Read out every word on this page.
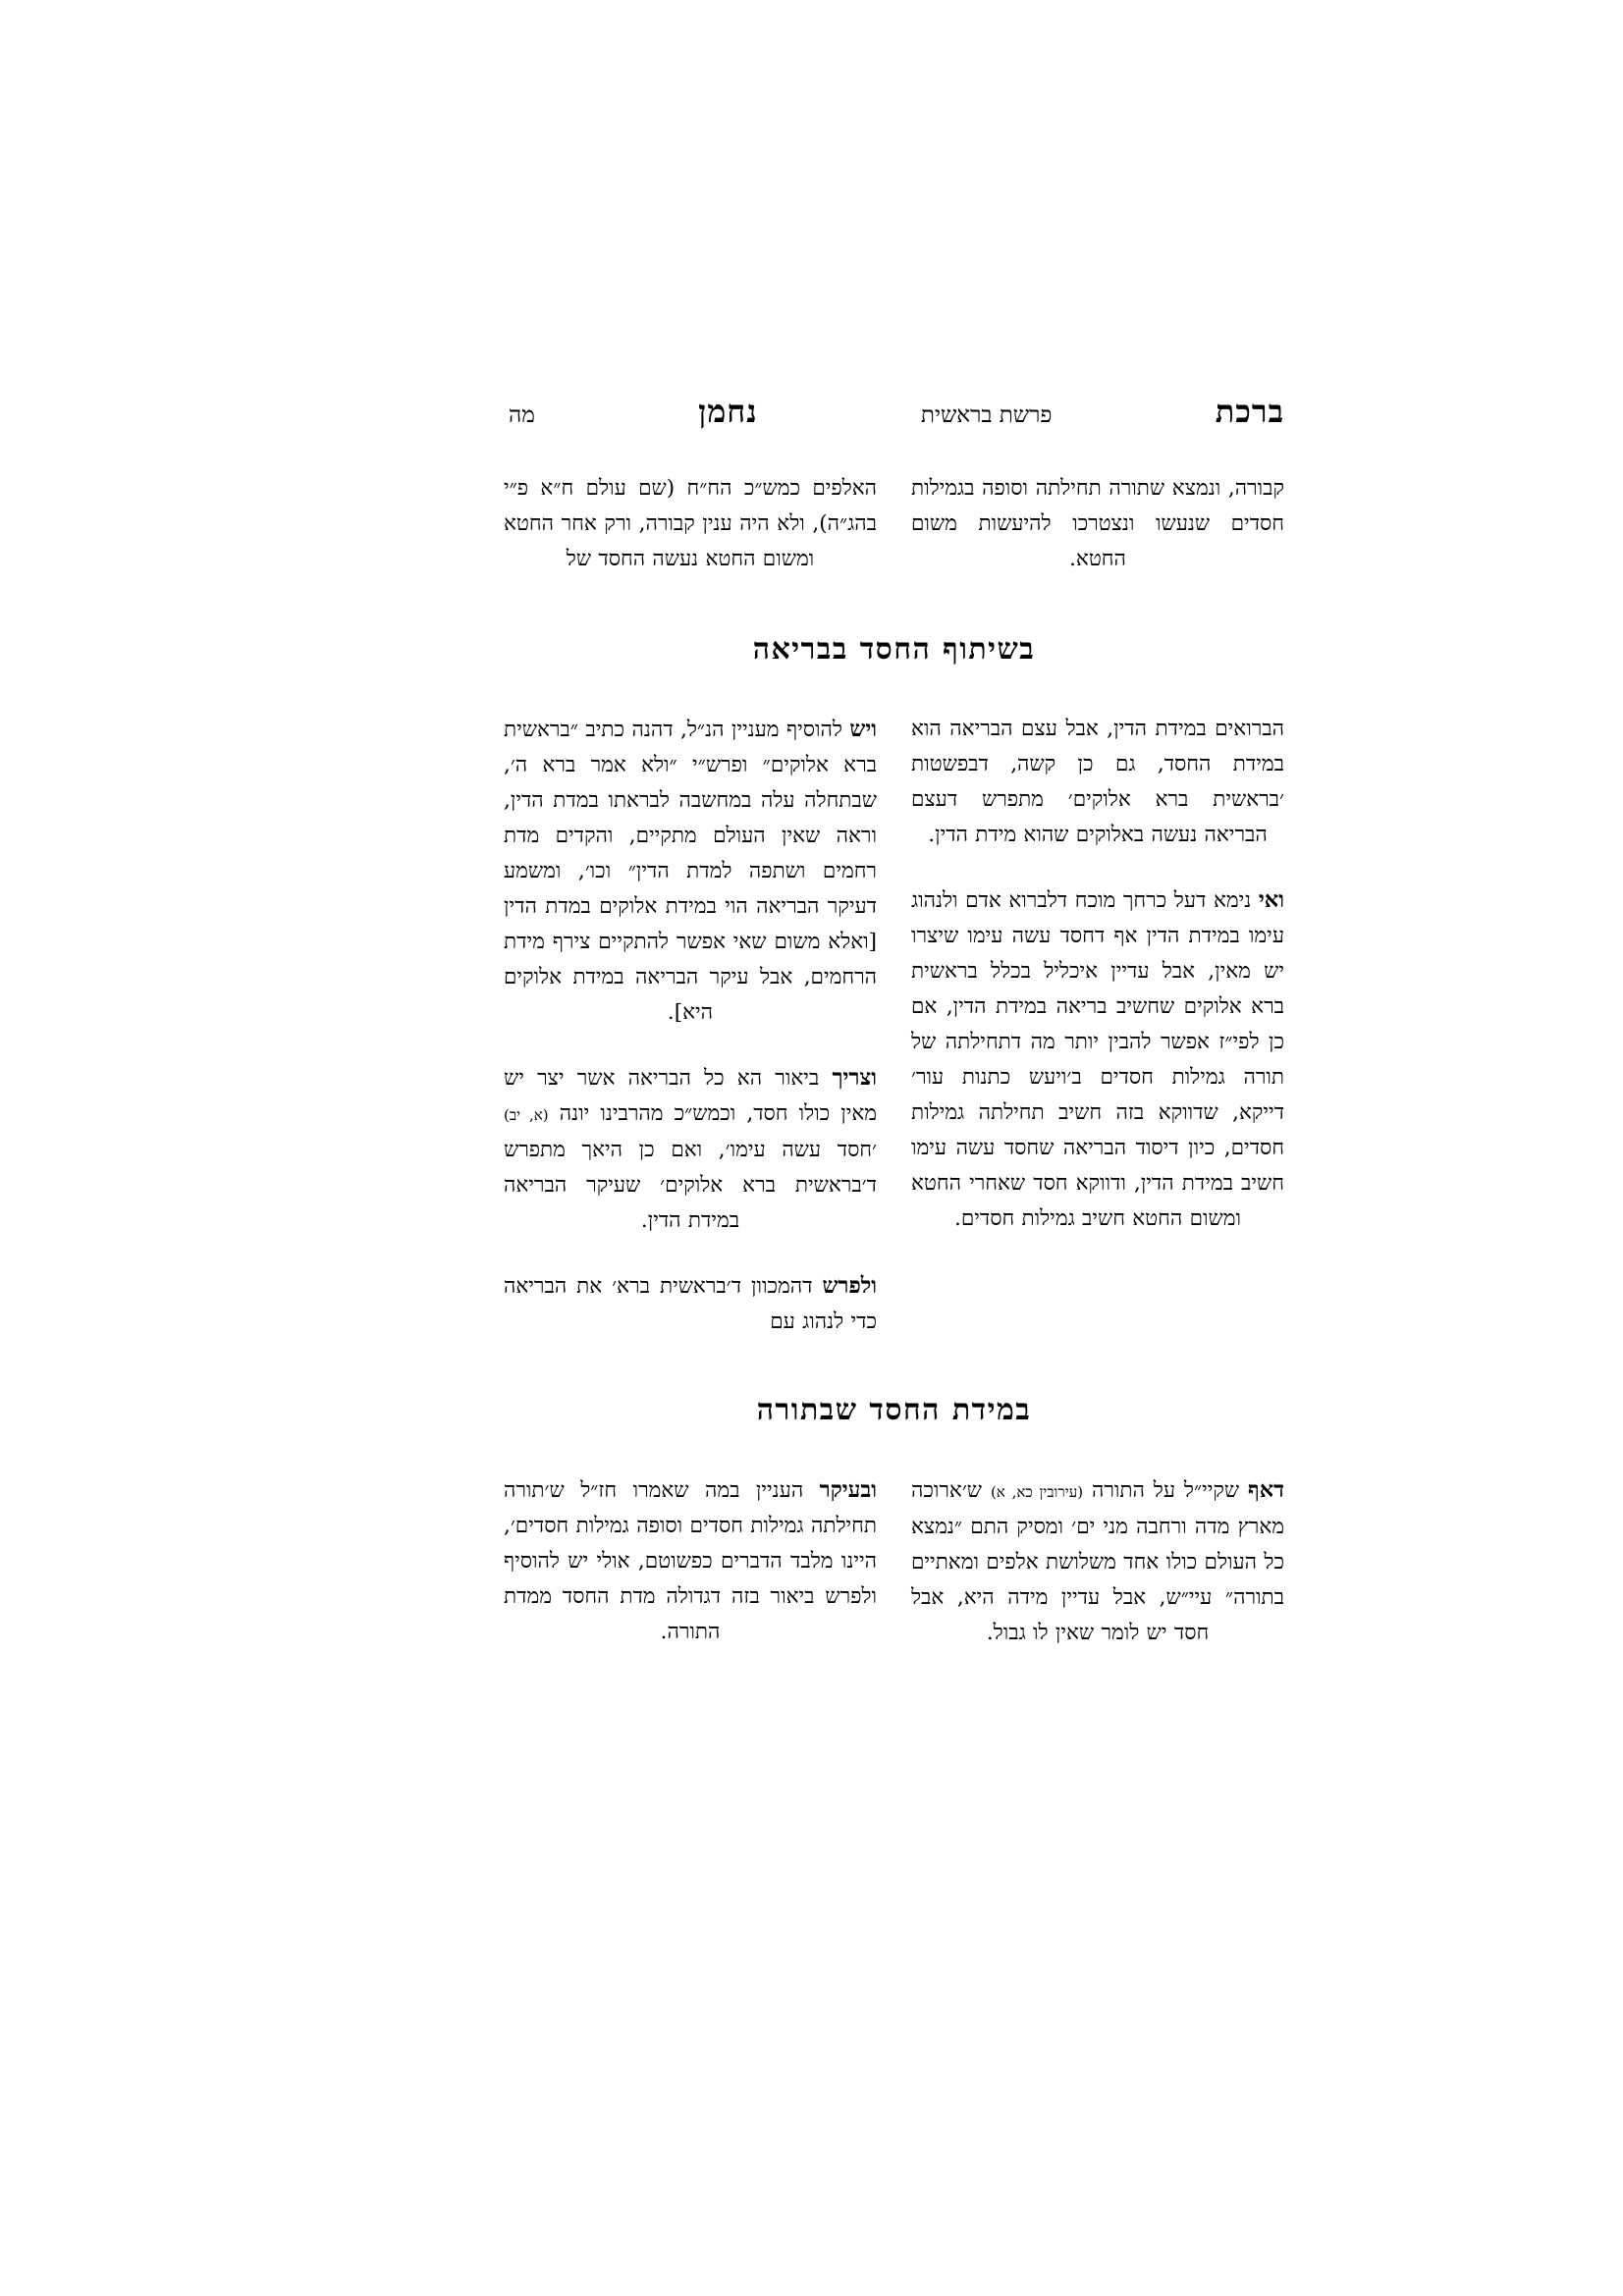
ברכת
פרשת בראשית
נחמן
מה

האלפים כמש״כ הח״ח (שם עולם ח״א פ״י בהג״ה), ולא היה ענין קבורה, ורק אחר החטא ומשום החטא נעשה החסד של

קבורה, ונמצא שתורה תחילתה וסופה בגמילות חסדים שנעשו ונצטרכו להיעשות משום החטא.

בשיתוף החסד בבריאה

ויש להוסיף מעניין הנ״ל, דהנה כתיב ״בראשית ברא אלוקים״ ופרש״י ״ולא אמר ברא ה׳, שבתחלה עלה במחשבה לבראתו במדת הדין, וראה שאין העולם מתקיים, והקדים מדת רחמים ושתפה למדת הדין״ וכו׳, ומשמע דעיקר הבריאה הוי במידת אלוקים במדת הדין [ואלא משום שאי אפשר להתקיים צירף מידת הרחמים, אבל עיקר הבריאה במידת אלוקים היא].

וצריך ביאור הא כל הבריאה אשר יצר יש מאין כולו חסד, וכמש״כ מהרבינו יונה (א, יב) ׳חסד עשה עימו׳, ואם כן היאך מתפרש ד׳בראשית ברא אלוקים׳ שעיקר הבריאה במידת הדין.

ולפרש דהמכוון ד׳בראשית ברא׳ את הבריאה כדי לנהוג עם

הברואים במידת הדין, אבל עצם הבריאה הוא במידת החסד, גם כן קשה, דבפשטות ׳בראשית ברא אלוקים׳ מתפרש דעצם הבריאה נעשה באלוקים שהוא מידת הדין.

ואי נימא דעל כרחך מוכח דלברוא אדם ולנהוג עימו במידת הדין אף דחסד עשה עימו שיצרו יש מאין, אבל עדיין איכליל בכלל בראשית ברא אלוקים שחשיב בריאה במידת הדין, אם כן לפי״ז אפשר להבין יותר מה דתחילתה של תורה גמילות חסדים ב׳ויעש כתנות עור׳ דייקא, שדווקא בזה חשיב תחילתה גמילות חסדים, כיון דיסוד הבריאה שחסד עשה עימו חשיב במידת הדין, ודווקא חסד שאחרי החטא ומשום החטא חשיב גמילות חסדים.

במידת החסד שבתורה

ובעיקר העניין במה שאמרו חז״ל ש׳תורה תחילתה גמילות חסדים וסופה גמילות חסדים׳, היינו מלבד הדברים כפשוטם, אולי יש להוסיף ולפרש ביאור בזה דגדולה מדת החסד ממדת התורה.

דאף שקיי״ל על התורה (עירובין כא, א) ש׳ארוכה מארץ מדה ורחבה מני ים׳ ומסיק התם ״נמצא כל העולם כולו אחד משלושת אלפים ומאתיים בתורה״ עיי״ש, אבל עדיין מידה היא, אבל חסד יש לומר שאין לו גבול.
